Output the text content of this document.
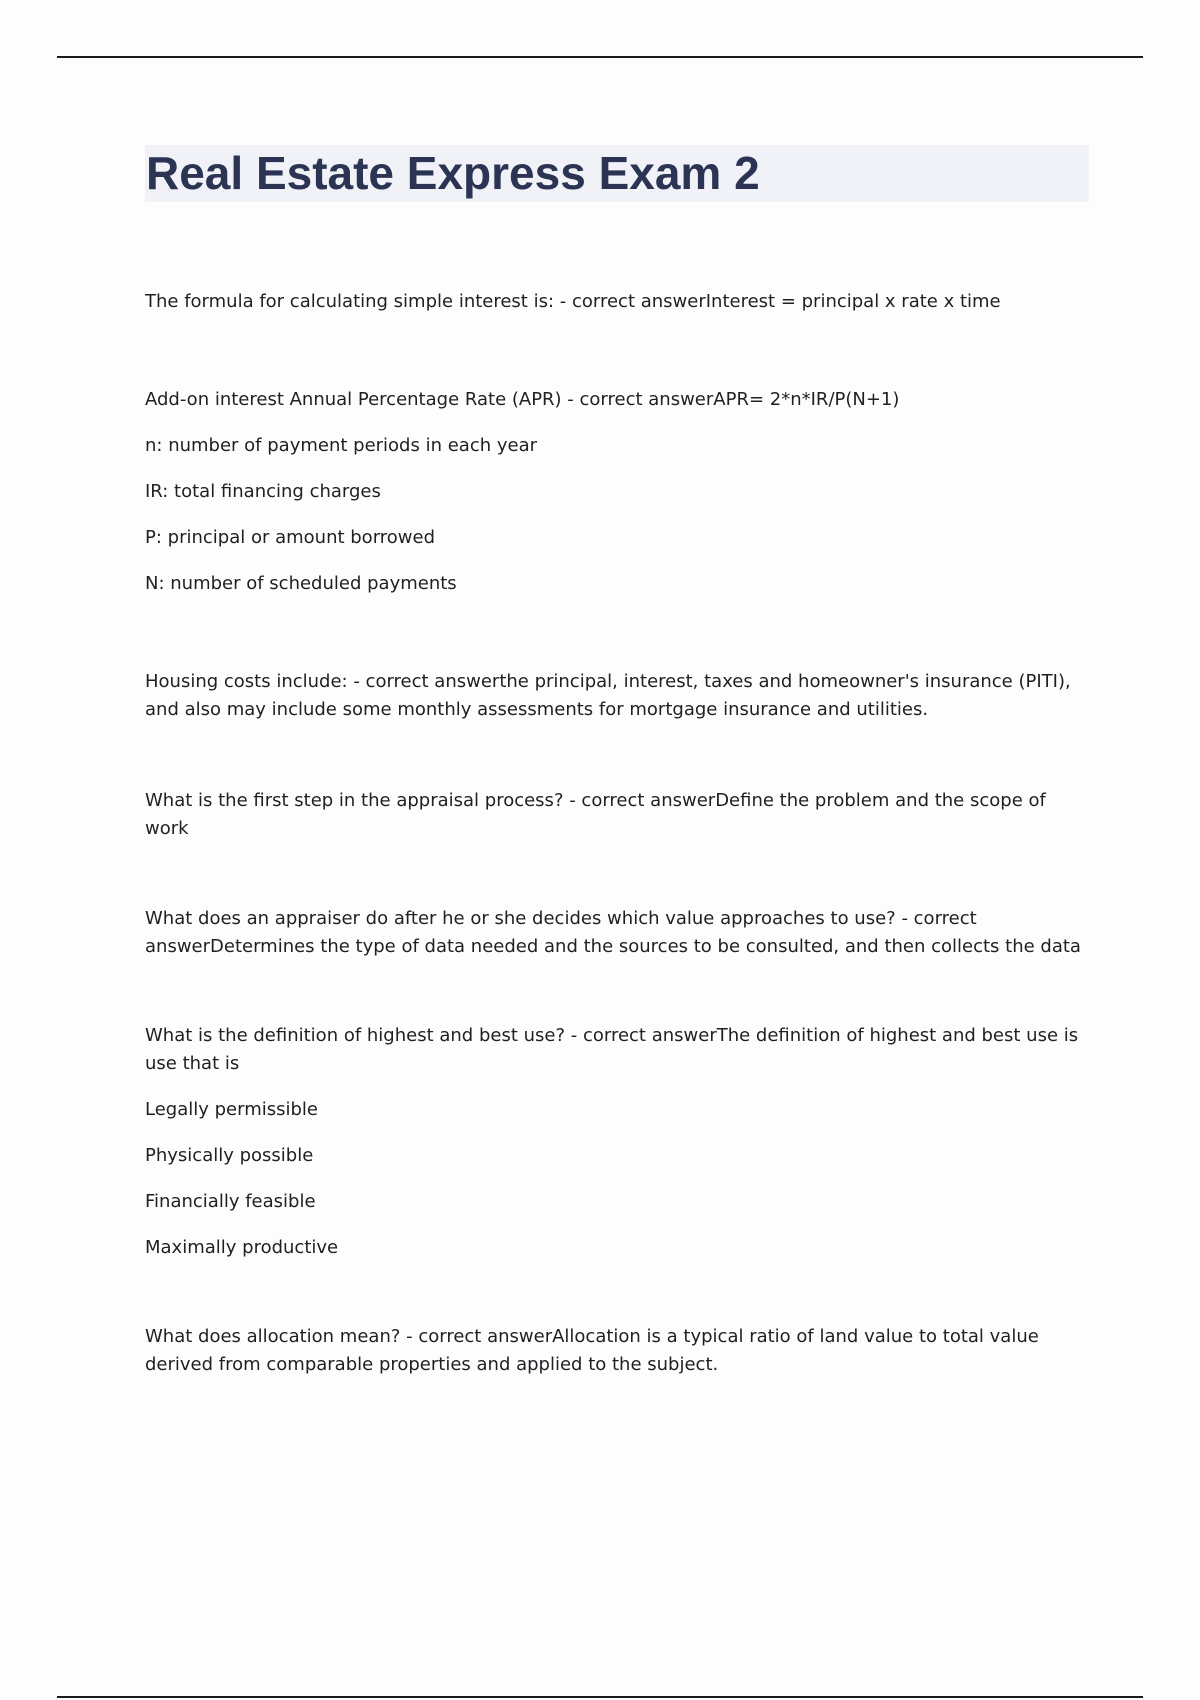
Real Estate Express Exam 2

The formula for calculating simple interest is: - correct answerInterest = principal x rate x time

Add-on interest Annual Percentage Rate (APR) - correct answerAPR= 2*n*IR/P(N+1)

n: number of payment periods in each year

IR: total financing charges

P: principal or amount borrowed

N: number of scheduled payments

Housing costs include: - correct answerthe principal, interest, taxes and homeowner's insurance (PITI), and also may include some monthly assessments for mortgage insurance and utilities.

What is the first step in the appraisal process? - correct answerDefine the problem and the scope of work

What does an appraiser do after he or she decides which value approaches to use? - correct answerDetermines the type of data needed and the sources to be consulted, and then collects the data

What is the definition of highest and best use? - correct answerThe definition of highest and best use is use that is

Legally permissible

Physically possible

Financially feasible

Maximally productive

What does allocation mean? - correct answerAllocation is a typical ratio of land value to total value derived from comparable properties and applied to the subject.
